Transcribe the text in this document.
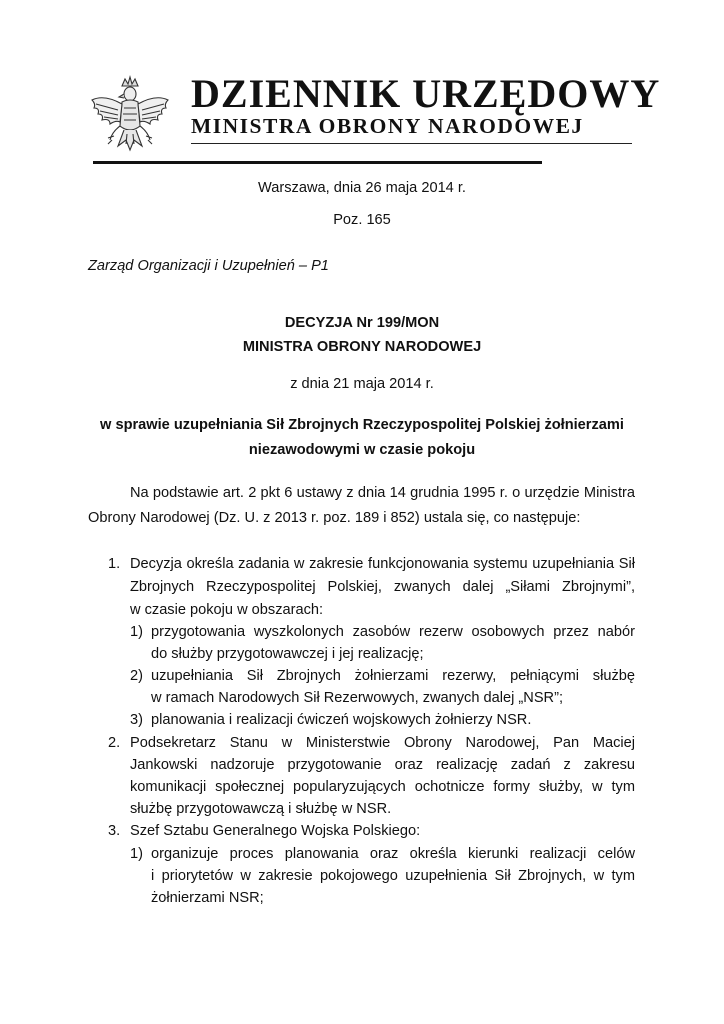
DZIENNIK URZĘDOWY
MINISTRA OBRONY NARODOWEJ
Warszawa, dnia 26 maja 2014 r.
Poz. 165
Zarząd Organizacji i Uzupełnień – P1
DECYZJA Nr 199/MON
MINISTRA OBRONY NARODOWEJ
z dnia 21 maja 2014 r.
w sprawie uzupełniania Sił Zbrojnych Rzeczypospolitej Polskiej żołnierzami
niezawodowymi w czasie pokoju
Na podstawie art. 2 pkt 6 ustawy z dnia 14 grudnia 1995 r. o urzędzie Ministra
Obrony Narodowej (Dz. U. z 2013 r. poz. 189 i 852) ustala się, co następuje:
1. Decyzja określa zadania w zakresie funkcjonowania systemu uzupełniania Sił
Zbrojnych Rzeczypospolitej Polskiej, zwanych dalej „Siłami Zbrojnymi”,
w czasie pokoju w obszarach:
1) przygotowania wyszkolonych zasobów rezerw osobowych przez nabór
do służby przygotowawczej i jej realizację;
2) uzupełniania Sił Zbrojnych żołnierzami rezerwy, pełniącymi służbę
w ramach Narodowych Sił Rezerwowych, zwanych dalej „NSR”;
3) planowania i realizacji ćwiczeń wojskowych żołnierzy NSR.
2. Podsekretarz Stanu w Ministerstwie Obrony Narodowej, Pan Maciej
Jankowski nadzoruje przygotowanie oraz realizację zadań z zakresu
komunikacji społecznej popularyzujących ochotnicze formy służby, w tym
służbę przygotowawczą i służbę w NSR.
3. Szef Sztabu Generalnego Wojska Polskiego:
1) organizuje proces planowania oraz określa kierunki realizacji celów
i priorytetów w zakresie pokojowego uzupełnienia Sił Zbrojnych, w tym
żołnierzami NSR;
